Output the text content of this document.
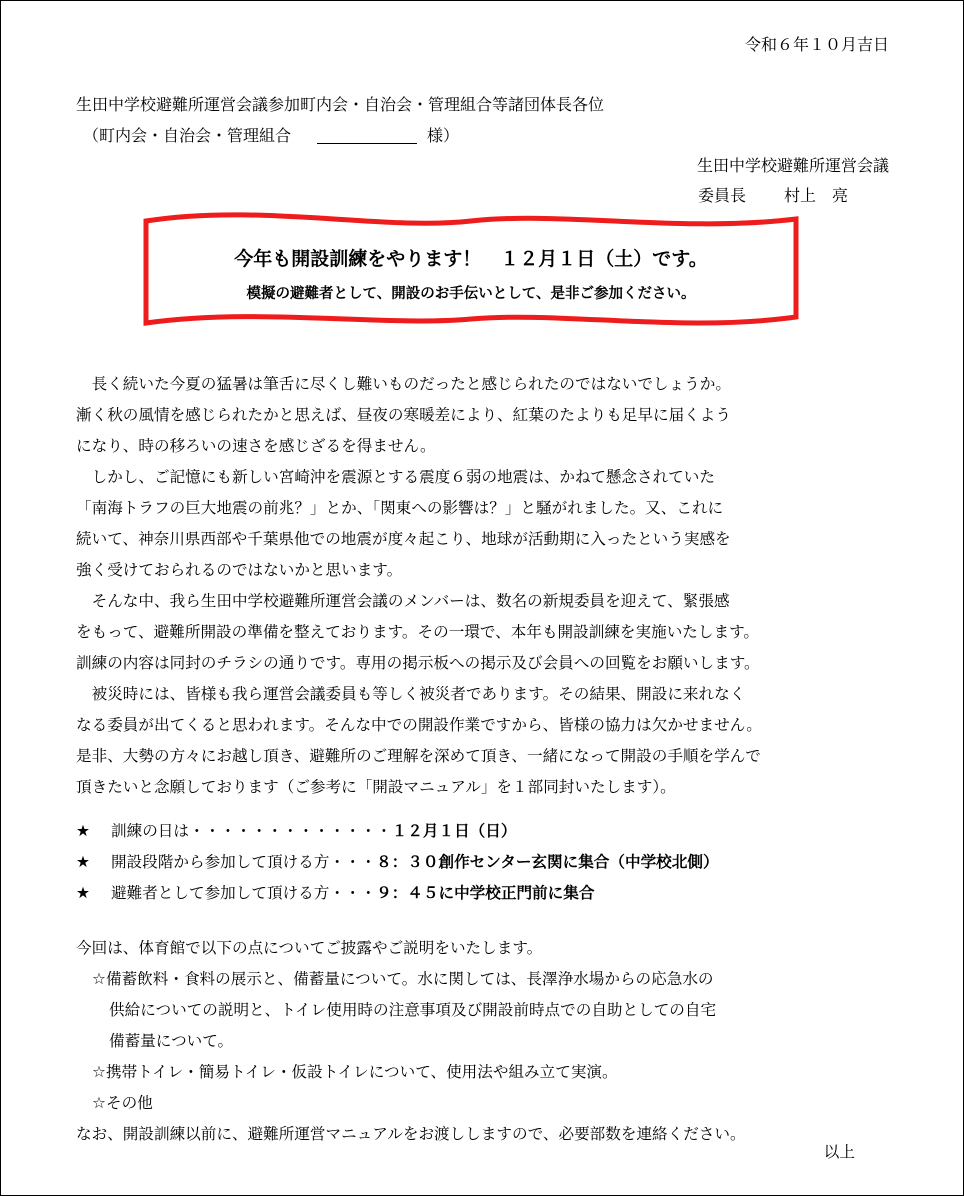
令和６年１０月吉日
生田中学校避難所運営会議参加町内会・自治会・管理組合等諸団体長各位
（町内会・自治会・管理組合	様）
生田中学校避難所運営会議
委員長 村上 亮
今年も開設訓練をやります！　１２月１日（土）です。
模擬の避難者として、開設のお手伝いとして、是非ご参加ください。

　長く続いた今夏の猛暑は筆舌に尽くし難いものだったと感じられたのではないでしょうか。

漸く秋の風情を感じられたかと思えば、昼夜の寒暖差により、紅葉のたよりも足早に届くよう

になり、時の移ろいの速さを感じざるを得ません。

　しかし、ご記憶にも新しい宮崎沖を震源とする震度６弱の地震は、かねて懸念されていた

「南海トラフの巨大地震の前兆？」とか、「関東への影響は？」と騒がれました。又、これに

続いて、神奈川県西部や千葉県他での地震が度々起こり、地球が活動期に入ったという実感を

強く受けておられるのではないかと思います。

　そんな中、我ら生田中学校避難所運営会議のメンバーは、数名の新規委員を迎えて、緊張感

をもって、避難所開設の準備を整えております。その一環で、本年も開設訓練を実施いたします。

訓練の内容は同封のチラシの通りです。専用の掲示板への掲示及び会員への回覧をお願いします。

　被災時には、皆様も我ら運営会議委員も等しく被災者であります。その結果、開設に来れなく

なる委員が出てくると思われます。そんな中での開設作業ですから、皆様の協力は欠かせません。

是非、大勢の方々にお越し頂き、避難所のご理解を深めて頂き、一緒になって開設の手順を学んで

頂きたいと念願しております（ご参考に「開設マニュアル」を１部同封いたします）。

★ 訓練の日は・・・・・・・・・・・・・１２月１日（日）
★ 開設段階から参加して頂ける方・・・８：３０創作センター玄関に集合（中学校北側）
★ 避難者として参加して頂ける方・・・９：４５に中学校正門前に集合

今回は、体育館で以下の点についてご披露やご説明をいたします。

☆備蓄飲料・食料の展示と、備蓄量について。水に関しては、長澤浄水場からの応急水の

供給についての説明と、トイレ使用時の注意事項及び開設前時点での自助としての自宅

備蓄量について。

☆携帯トイレ・簡易トイレ・仮設トイレについて、使用法や組み立て実演。

☆その他

なお、開設訓練以前に、避難所運営マニュアルをお渡ししますので、必要部数を連絡ください。

以上
